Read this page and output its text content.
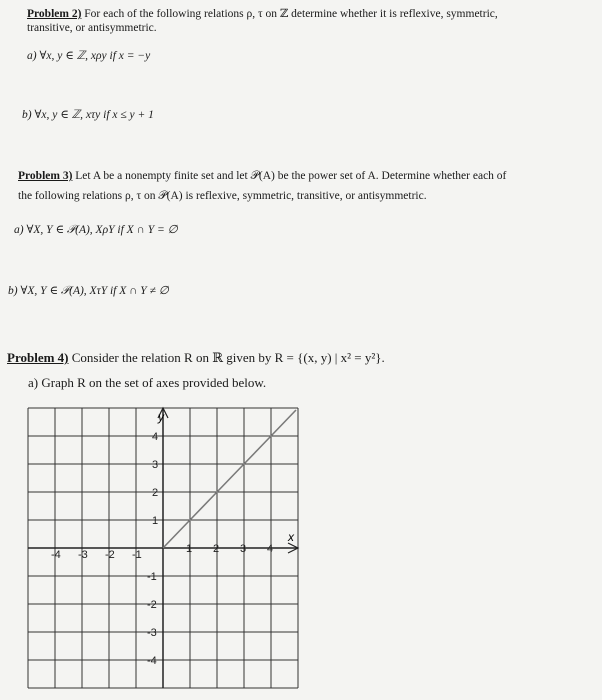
Problem 2) For each of the following relations ρ, τ on ℤ determine whether it is reflexive, symmetric,
transitive, or antisymmetric.
a) ∀x, y ∈ ℤ, xρy if x = −y
b) ∀x, y ∈ ℤ, xτy if x ≤ y + 1
Problem 3) Let A be a nonempty finite set and let 𝒫(A) be the power set of A. Determine whether each of
the following relations ρ, τ on 𝒫(A) is reflexive, symmetric, transitive, or antisymmetric.
a) ∀X, Y ∈ 𝒫(A), XρY if X ∩ Y = ∅
b) ∀X, Y ∈ 𝒫(A), XτY if X ∩ Y ≠ ∅
Problem 4) Consider the relation R on ℝ given by R = {(x, y) | x² = y²}.
a) Graph R on the set of axes provided below.
y
x
-4 -3 -2 -1	1 2 3 4
4
3
2
1
-1
-2
-3
-4
